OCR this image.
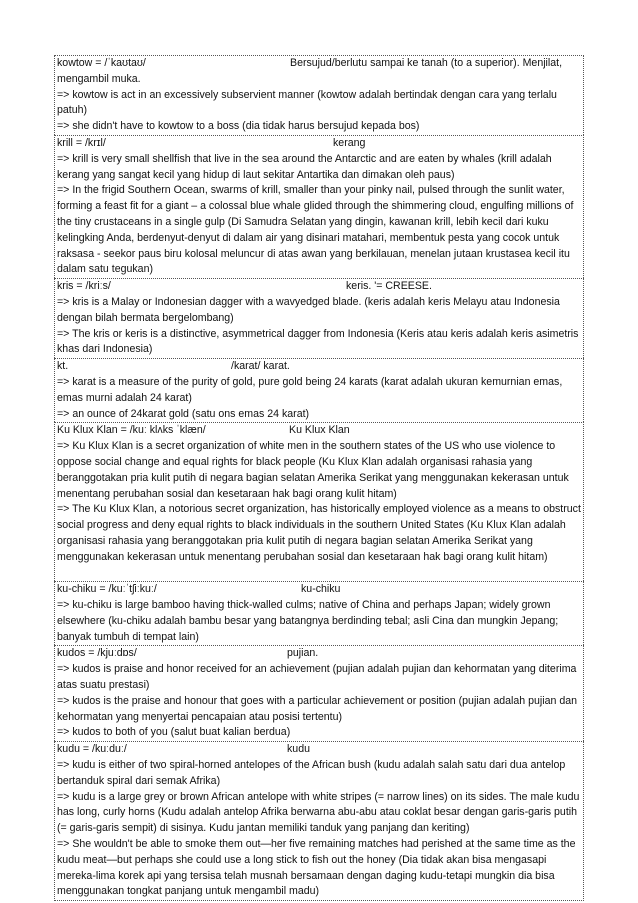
kowtow = /ˈkaʊtaʊ/	Bersujud/berlutu sampai ke tanah (to a superior). Menjilat, mengambil muka.
=> kowtow is act in an excessively subservient manner (kowtow adalah bertindak dengan cara yang terlalu patuh)
=> she didn't have to kowtow to a boss (dia tidak harus bersujud kepada bos)
krill = /krɪl/	kerang
=> krill is very small shellfish that live in the sea around the Antarctic and are eaten by whales (krill adalah kerang yang sangat kecil yang hidup di laut sekitar Antartika dan dimakan oleh paus)
=> In the frigid Southern Ocean, swarms of krill, smaller than your pinky nail, pulsed through the sunlit water, forming a feast fit for a giant – a colossal blue whale glided through the shimmering cloud, engulfing millions of the tiny crustaceans in a single gulp (Di Samudra Selatan yang dingin, kawanan krill, lebih kecil dari kuku kelingking Anda, berdenyut-denyut di dalam air yang disinari matahari, membentuk pesta yang cocok untuk raksasa - seekor paus biru kolosal meluncur di atas awan yang berkilauan, menelan jutaan krustasea kecil itu dalam satu tegukan)
kris = /kriːs/	keris. '= CREESE.
=> kris is a Malay or Indonesian dagger with a wavyedged blade. (keris adalah keris Melayu atau Indonesia dengan bilah bermata bergelombang)
=> The kris or keris is a distinctive, asymmetrical dagger from Indonesia (Keris atau keris adalah keris asimetris khas dari Indonesia)
kt.	/karat/ karat.
=> karat is a measure of the purity of gold, pure gold being 24 karats (karat adalah ukuran kemurnian emas, emas murni adalah 24 karat)
=> an ounce of 24karat gold (satu ons emas 24 karat)
Ku Klux Klan = /kuː klʌks ˈklæn/	Ku Klux Klan
=> Ku Klux Klan is a secret organization of white men in the southern states of the US who use violence to oppose social change and equal rights for black people (Ku Klux Klan adalah organisasi rahasia yang beranggotakan pria kulit putih di negara bagian selatan Amerika Serikat yang menggunakan kekerasan untuk menentang perubahan sosial dan kesetaraan hak bagi orang kulit hitam)
=> The Ku Klux Klan, a notorious secret organization, has historically employed violence as a means to obstruct social progress and deny equal rights to black individuals in the southern United States (Ku Klux Klan adalah organisasi rahasia yang beranggotakan pria kulit putih di negara bagian selatan Amerika Serikat yang menggunakan kekerasan untuk menentang perubahan sosial dan kesetaraan hak bagi orang kulit hitam)
ku-chiku = /kuːˈtʃiːkuː/	ku-chiku
=> ku-chiku is large bamboo having thick-walled culms; native of China and perhaps Japan; widely grown elsewhere (ku-chiku adalah bambu besar yang batangnya berdinding tebal; asli Cina dan mungkin Jepang; banyak tumbuh di tempat lain)
kudos = /kjuːdɒs/	pujian.
=> kudos is praise and honor received for an achievement (pujian adalah pujian dan kehormatan yang diterima atas suatu prestasi)
=> kudos is the praise and honour that goes with a particular achievement or position (pujian adalah pujian dan kehormatan yang menyertai pencapaian atau posisi tertentu)
=> kudos to both of you (salut buat kalian berdua)
kudu = /kuːduː/	kudu
=> kudu is either of two spiral-horned antelopes of the African bush (kudu adalah salah satu dari dua antelop bertanduk spiral dari semak Afrika)
=> kudu is a large grey or brown African antelope with white stripes (= narrow lines) on its sides. The male kudu has long, curly horns (Kudu adalah antelop Afrika berwarna abu-abu atau coklat besar dengan garis-garis putih (= garis-garis sempit) di sisinya. Kudu jantan memiliki tanduk yang panjang dan keriting)
=> She wouldn't be able to smoke them out—her five remaining matches had perished at the same time as the kudu meat—but perhaps she could use a long stick to fish out the honey (Dia tidak akan bisa mengasapi mereka-lima korek api yang tersisa telah musnah bersamaan dengan daging kudu-tetapi mungkin dia bisa menggunakan tongkat panjang untuk mengambil madu)
